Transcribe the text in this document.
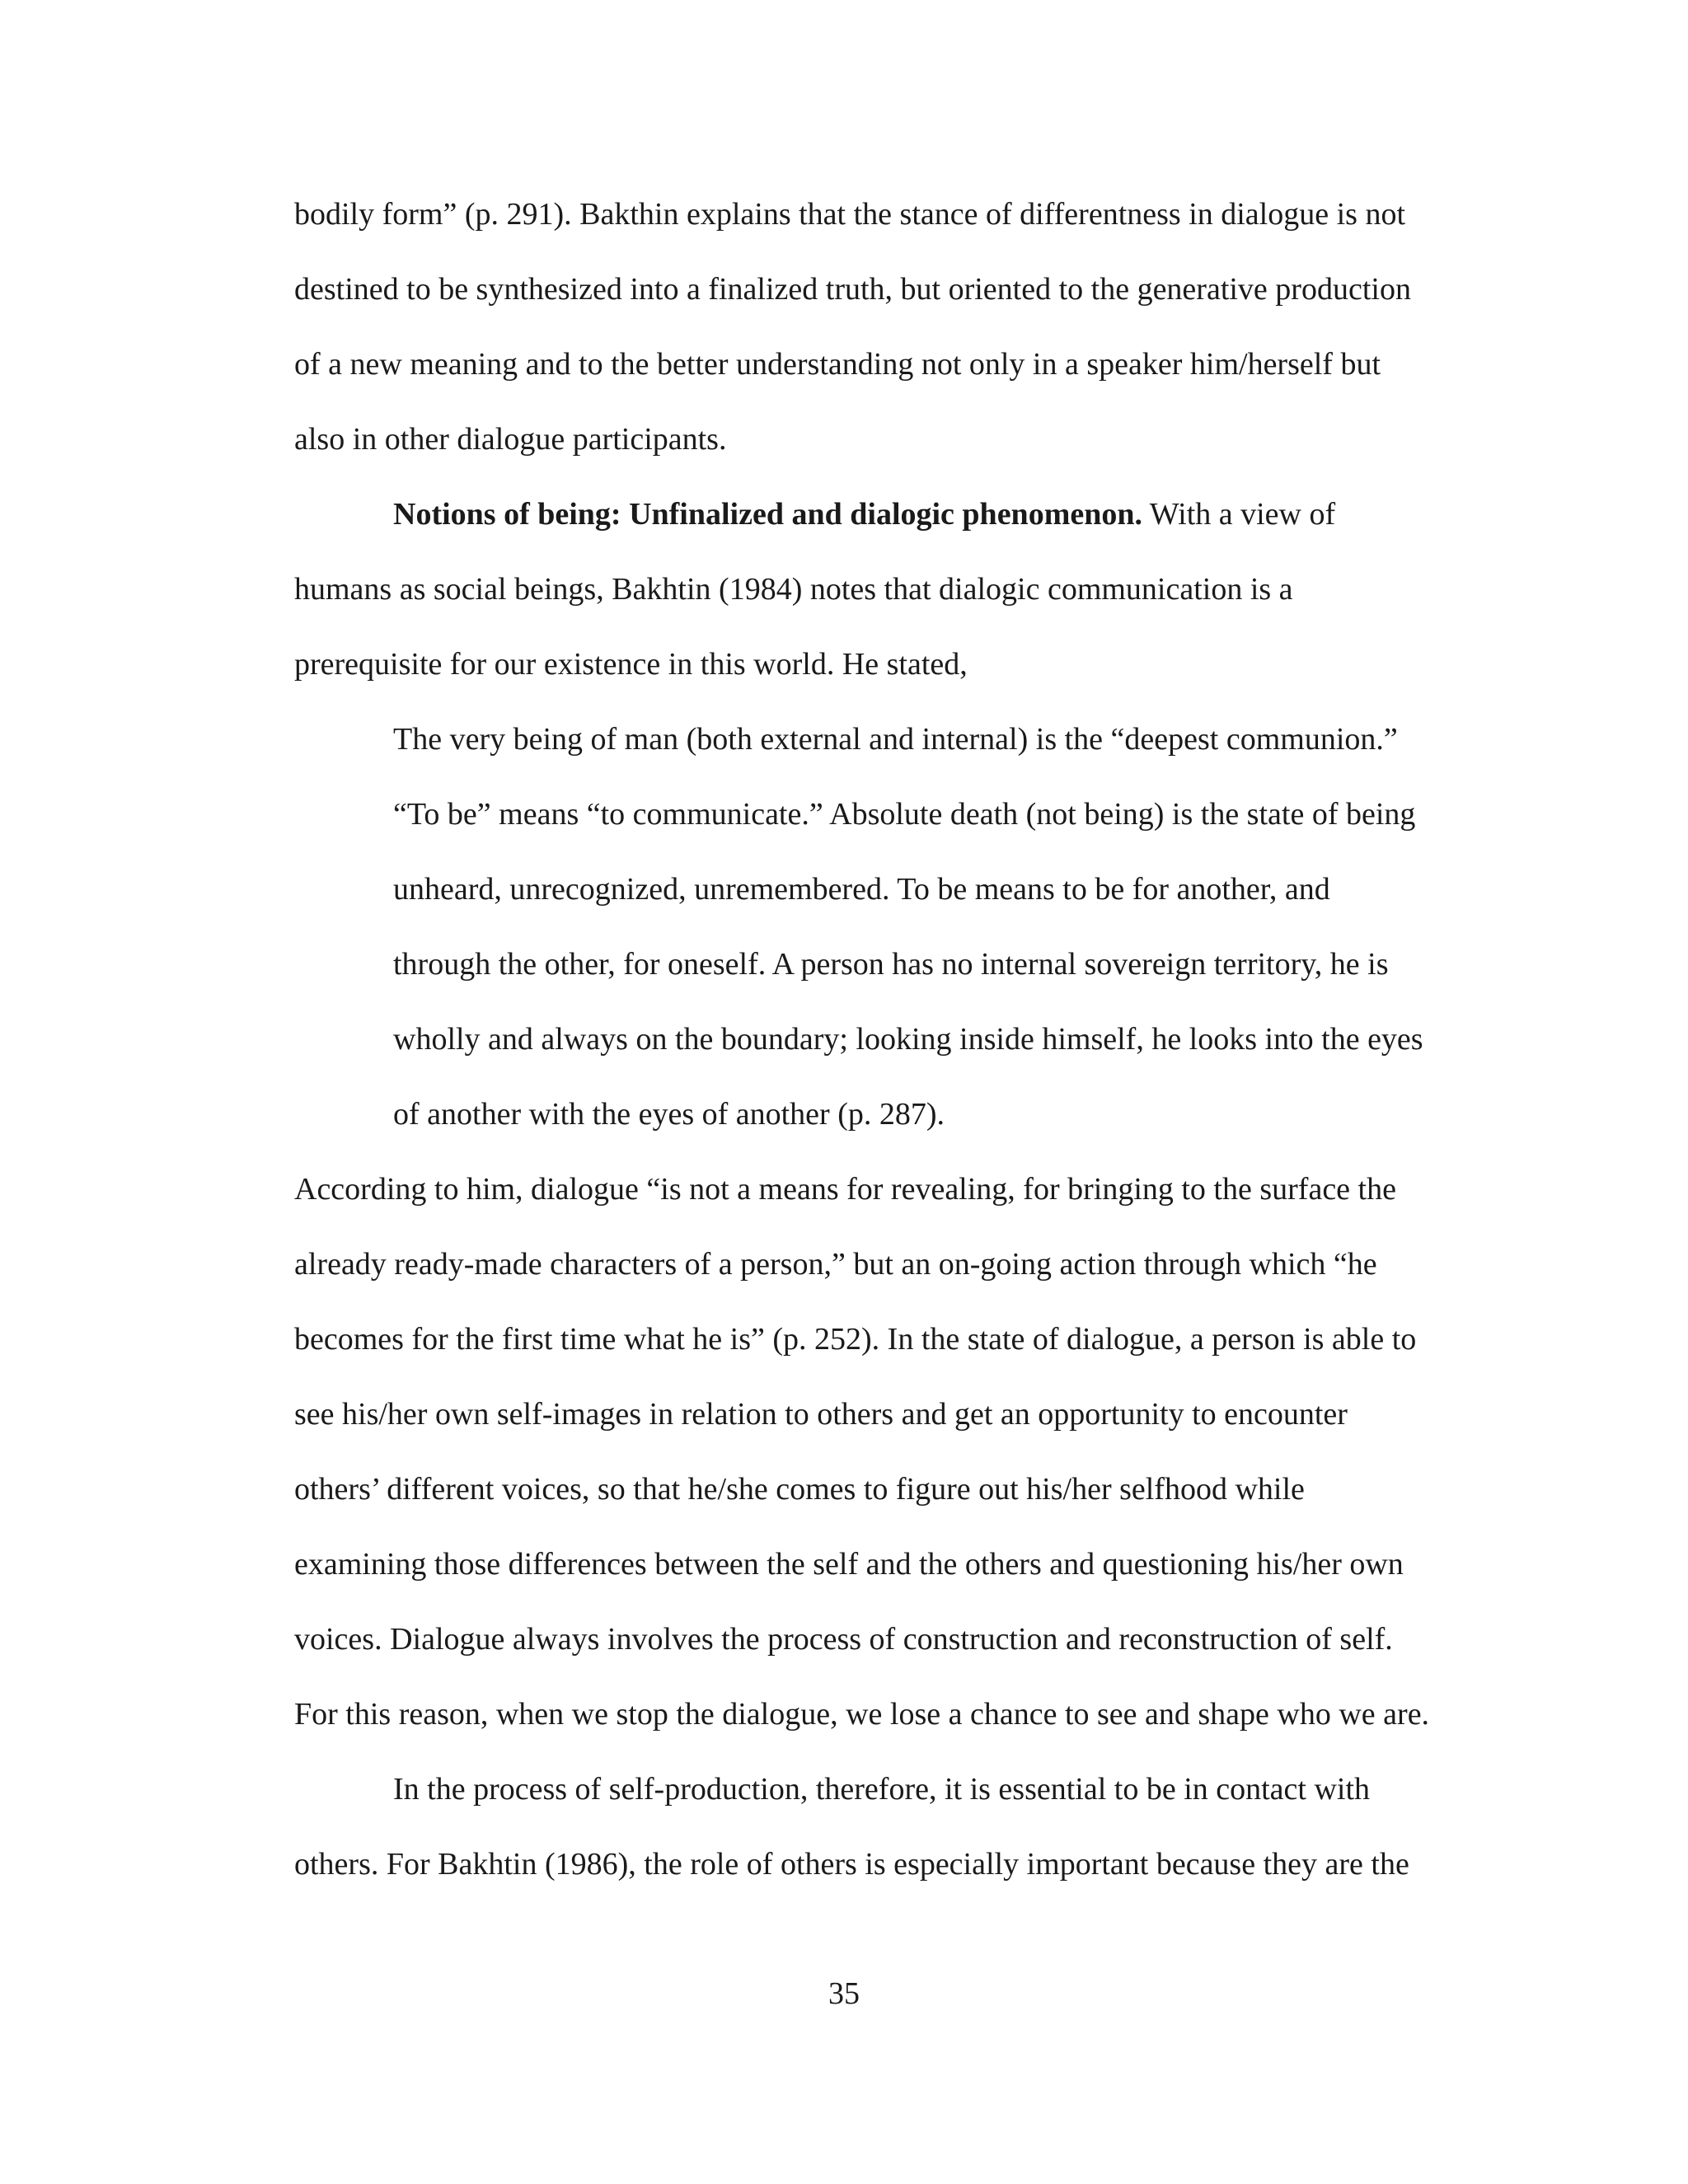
bodily form” (p. 291). Bakthin explains that the stance of differentness in dialogue is not
destined to be synthesized into a finalized truth, but oriented to the generative production
of a new meaning and to the better understanding not only in a speaker him/herself but
also in other dialogue participants.
Notions of being: Unfinalized and dialogic phenomenon. With a view of
humans as social beings, Bakhtin (1984) notes that dialogic communication is a
prerequisite for our existence in this world. He stated,
The very being of man (both external and internal) is the “deepest communion.”
“To be” means “to communicate.” Absolute death (not being) is the state of being
unheard, unrecognized, unremembered. To be means to be for another, and
through the other, for oneself. A person has no internal sovereign territory, he is
wholly and always on the boundary; looking inside himself, he looks into the eyes
of another with the eyes of another (p. 287).
According to him, dialogue “is not a means for revealing, for bringing to the surface the
already ready-made characters of a person,” but an on-going action through which “he
becomes for the first time what he is” (p. 252). In the state of dialogue, a person is able to
see his/her own self-images in relation to others and get an opportunity to encounter
others’ different voices, so that he/she comes to figure out his/her selfhood while
examining those differences between the self and the others and questioning his/her own
voices. Dialogue always involves the process of construction and reconstruction of self.
For this reason, when we stop the dialogue, we lose a chance to see and shape who we are.
In the process of self-production, therefore, it is essential to be in contact with
others. For Bakhtin (1986), the role of others is especially important because they are the
35
